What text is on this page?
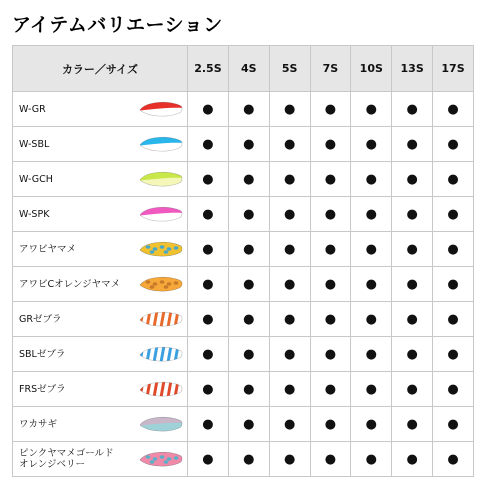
アイテムバリエーション
カラー／サイズ		2.5S	4S	5S	7S	10S	13S	17S
W-GR		●	●	●	●	●	●	●
W-SBL		●	●	●	●	●	●	●
W-GCH		●	●	●	●	●	●	●
W-SPK		●	●	●	●	●	●	●
アワビヤマメ		●	●	●	●	●	●	●
アワビCオレンジヤマメ		●	●	●	●	●	●	●
GRゼブラ		●	●	●	●	●	●	●
SBLゼブラ		●	●	●	●	●	●	●
FRSゼブラ		●	●	●	●	●	●	●
ワカサギ		●	●	●	●	●	●	●
ピンクヤマメゴールド
オレンジベリー		●	●	●	●	●	●	●
